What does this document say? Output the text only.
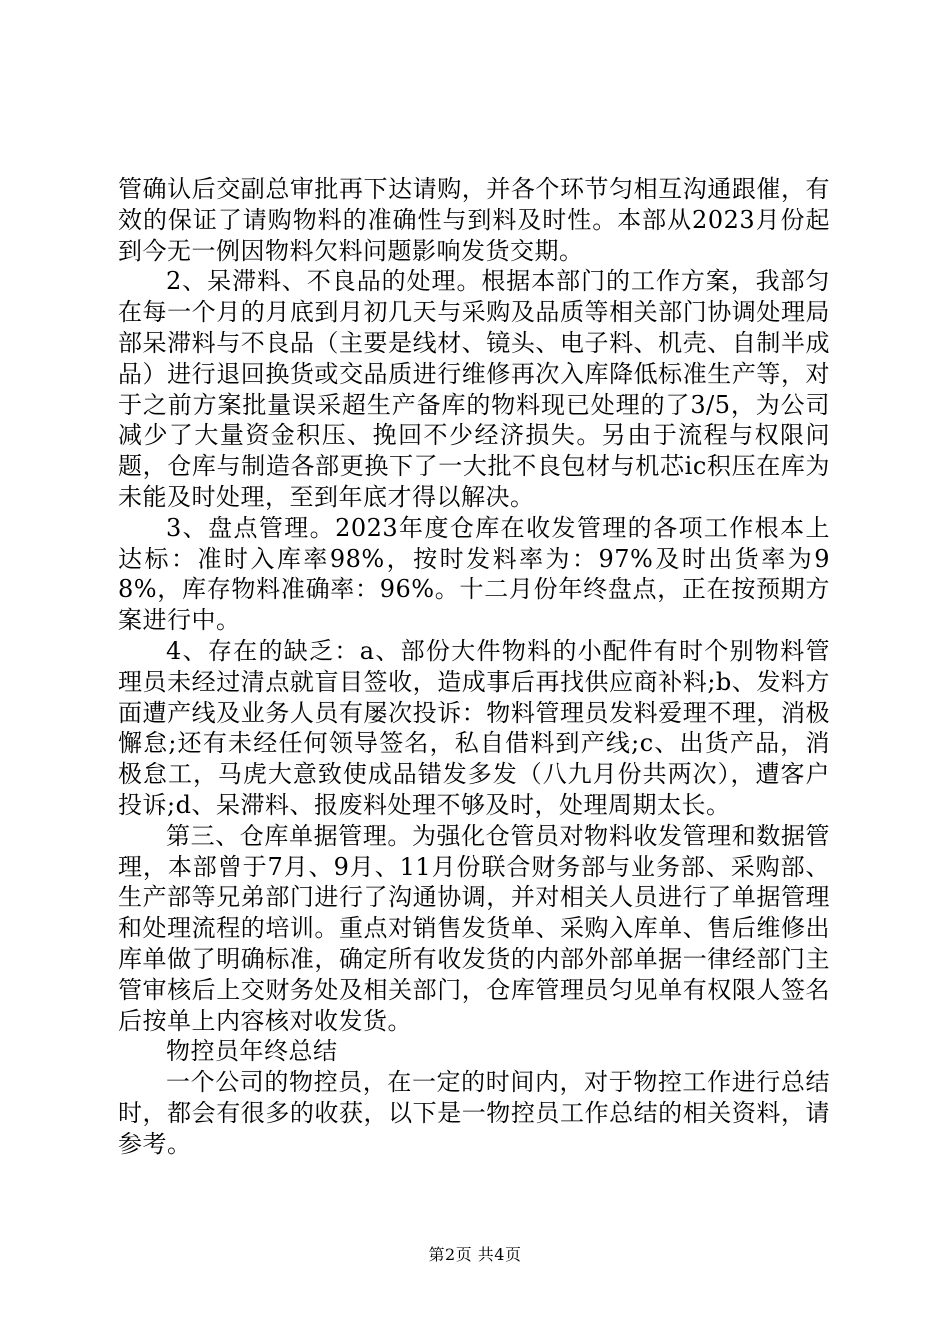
管确认后交副总审批再下达请购，并各个环节匀相互沟通跟催，有效的保证了请购物料的准确性与到料及时性。本部从2023月份起到今无一例因物料欠料问题影响发货交期。

2、呆滞料、不良品的处理。根据本部门的工作方案，我部匀在每一个月的月底到月初几天与采购及品质等相关部门协调处理局部呆滞料与不良品（主要是线材、镜头、电子料、机壳、自制半成品）进行退回换货或交品质进行维修再次入库降低标准生产等，对于之前方案批量误采超生产备库的物料现已处理的了3/5，为公司减少了大量资金积压、挽回不少经济损失。另由于流程与权限问题，仓库与制造各部更换下了一大批不良包材与机芯ic积压在库为未能及时处理，至到年底才得以解决。

3、盘点管理。2023年度仓库在收发管理的各项工作根本上达标：准时入库率98%，按时发料率为：97%及时出货率为98%，库存物料准确率：96%。十二月份年终盘点，正在按预期方案进行中。

4、存在的缺乏：a、部份大件物料的小配件有时个别物料管理员未经过清点就盲目签收，造成事后再找供应商补料;b、发料方面遭产线及业务人员有屡次投诉：物料管理员发料爱理不理，消极懈怠;还有未经任何领导签名，私自借料到产线;c、出货产品，消极怠工，马虎大意致使成品错发多发（八九月份共两次），遭客户投诉;d、呆滞料、报废料处理不够及时，处理周期太长。

第三、仓库单据管理。为强化仓管员对物料收发管理和数据管理，本部曾于7月、9月、11月份联合财务部与业务部、采购部、生产部等兄弟部门进行了沟通协调，并对相关人员进行了单据管理和处理流程的培训。重点对销售发货单、采购入库单、售后维修出库单做了明确标准，确定所有收发货的内部外部单据一律经部门主管审核后上交财务处及相关部门，仓库管理员匀见单有权限人签名后按单上内容核对收发货。

物控员年终总结

一个公司的物控员，在一定的时间内，对于物控工作进行总结时，都会有很多的收获，以下是一物控员工作总结的相关资料，请参考。

第2页 共4页
